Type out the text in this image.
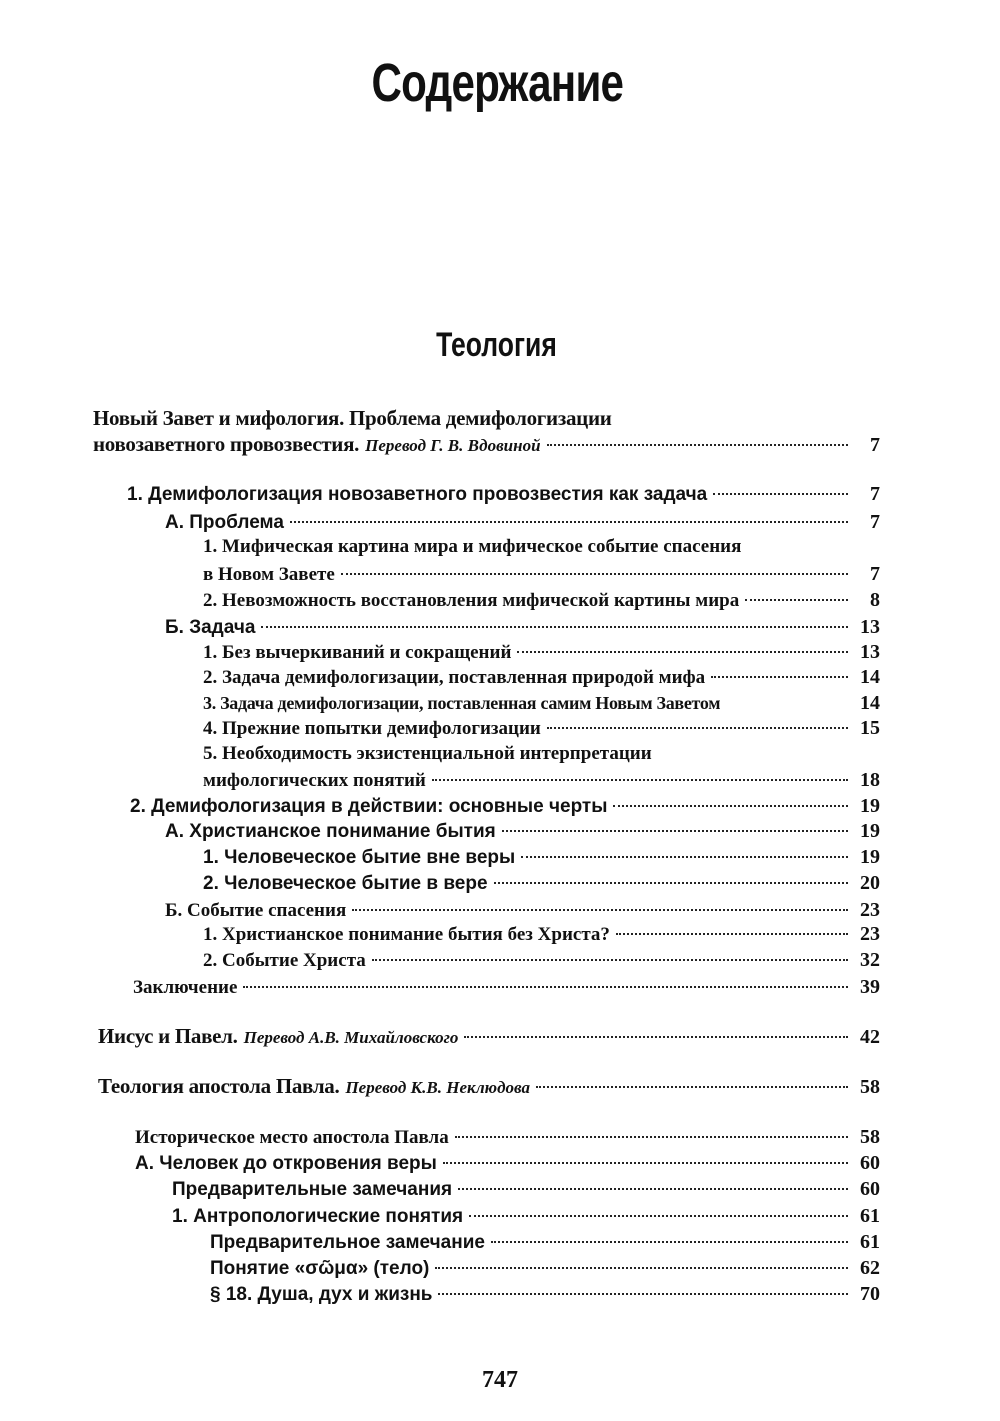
Содержание
Теология
Новый Завет и мифология. Проблема демифологизации
новозаветного провозвестия. Перевод Г. В. Вдовиной	7
1. Демифологизация новозаветного провозвестия как задача	7
А. Проблема	7
1. Мифическая картина мира и мифическое событие спасения
в Новом Завете	7
2. Невозможность восстановления мифической картины мира	8
Б. Задача	13
1. Без вычеркиваний и сокращений	13
2. Задача демифологизации, поставленная природой мифа	14
3. Задача демифологизации, поставленная самим Новым Заветом	14
4. Прежние попытки демифологизации	15
5. Необходимость экзистенциальной интерпретации
мифологических понятий	18
2. Демифологизация в действии: основные черты	19
А. Христианское понимание бытия	19
1. Человеческое бытие вне веры	19
2. Человеческое бытие в вере	20
Б. Событие спасения	23
1. Христианское понимание бытия без Христа?	23
2. Событие Христа	32
Заключение	39
Иисус и Павел. Перевод А.В. Михайловского	42
Теология апостола Павла. Перевод К.В. Неклюдова	58
Историческое место апостола Павла	58
А. Человек до откровения веры	60
Предварительные замечания	60
1. Антропологические понятия	61
Предварительное замечание	61
Понятие «σῶμα» (тело)	62
§ 18. Душа, дух и жизнь	70
747
